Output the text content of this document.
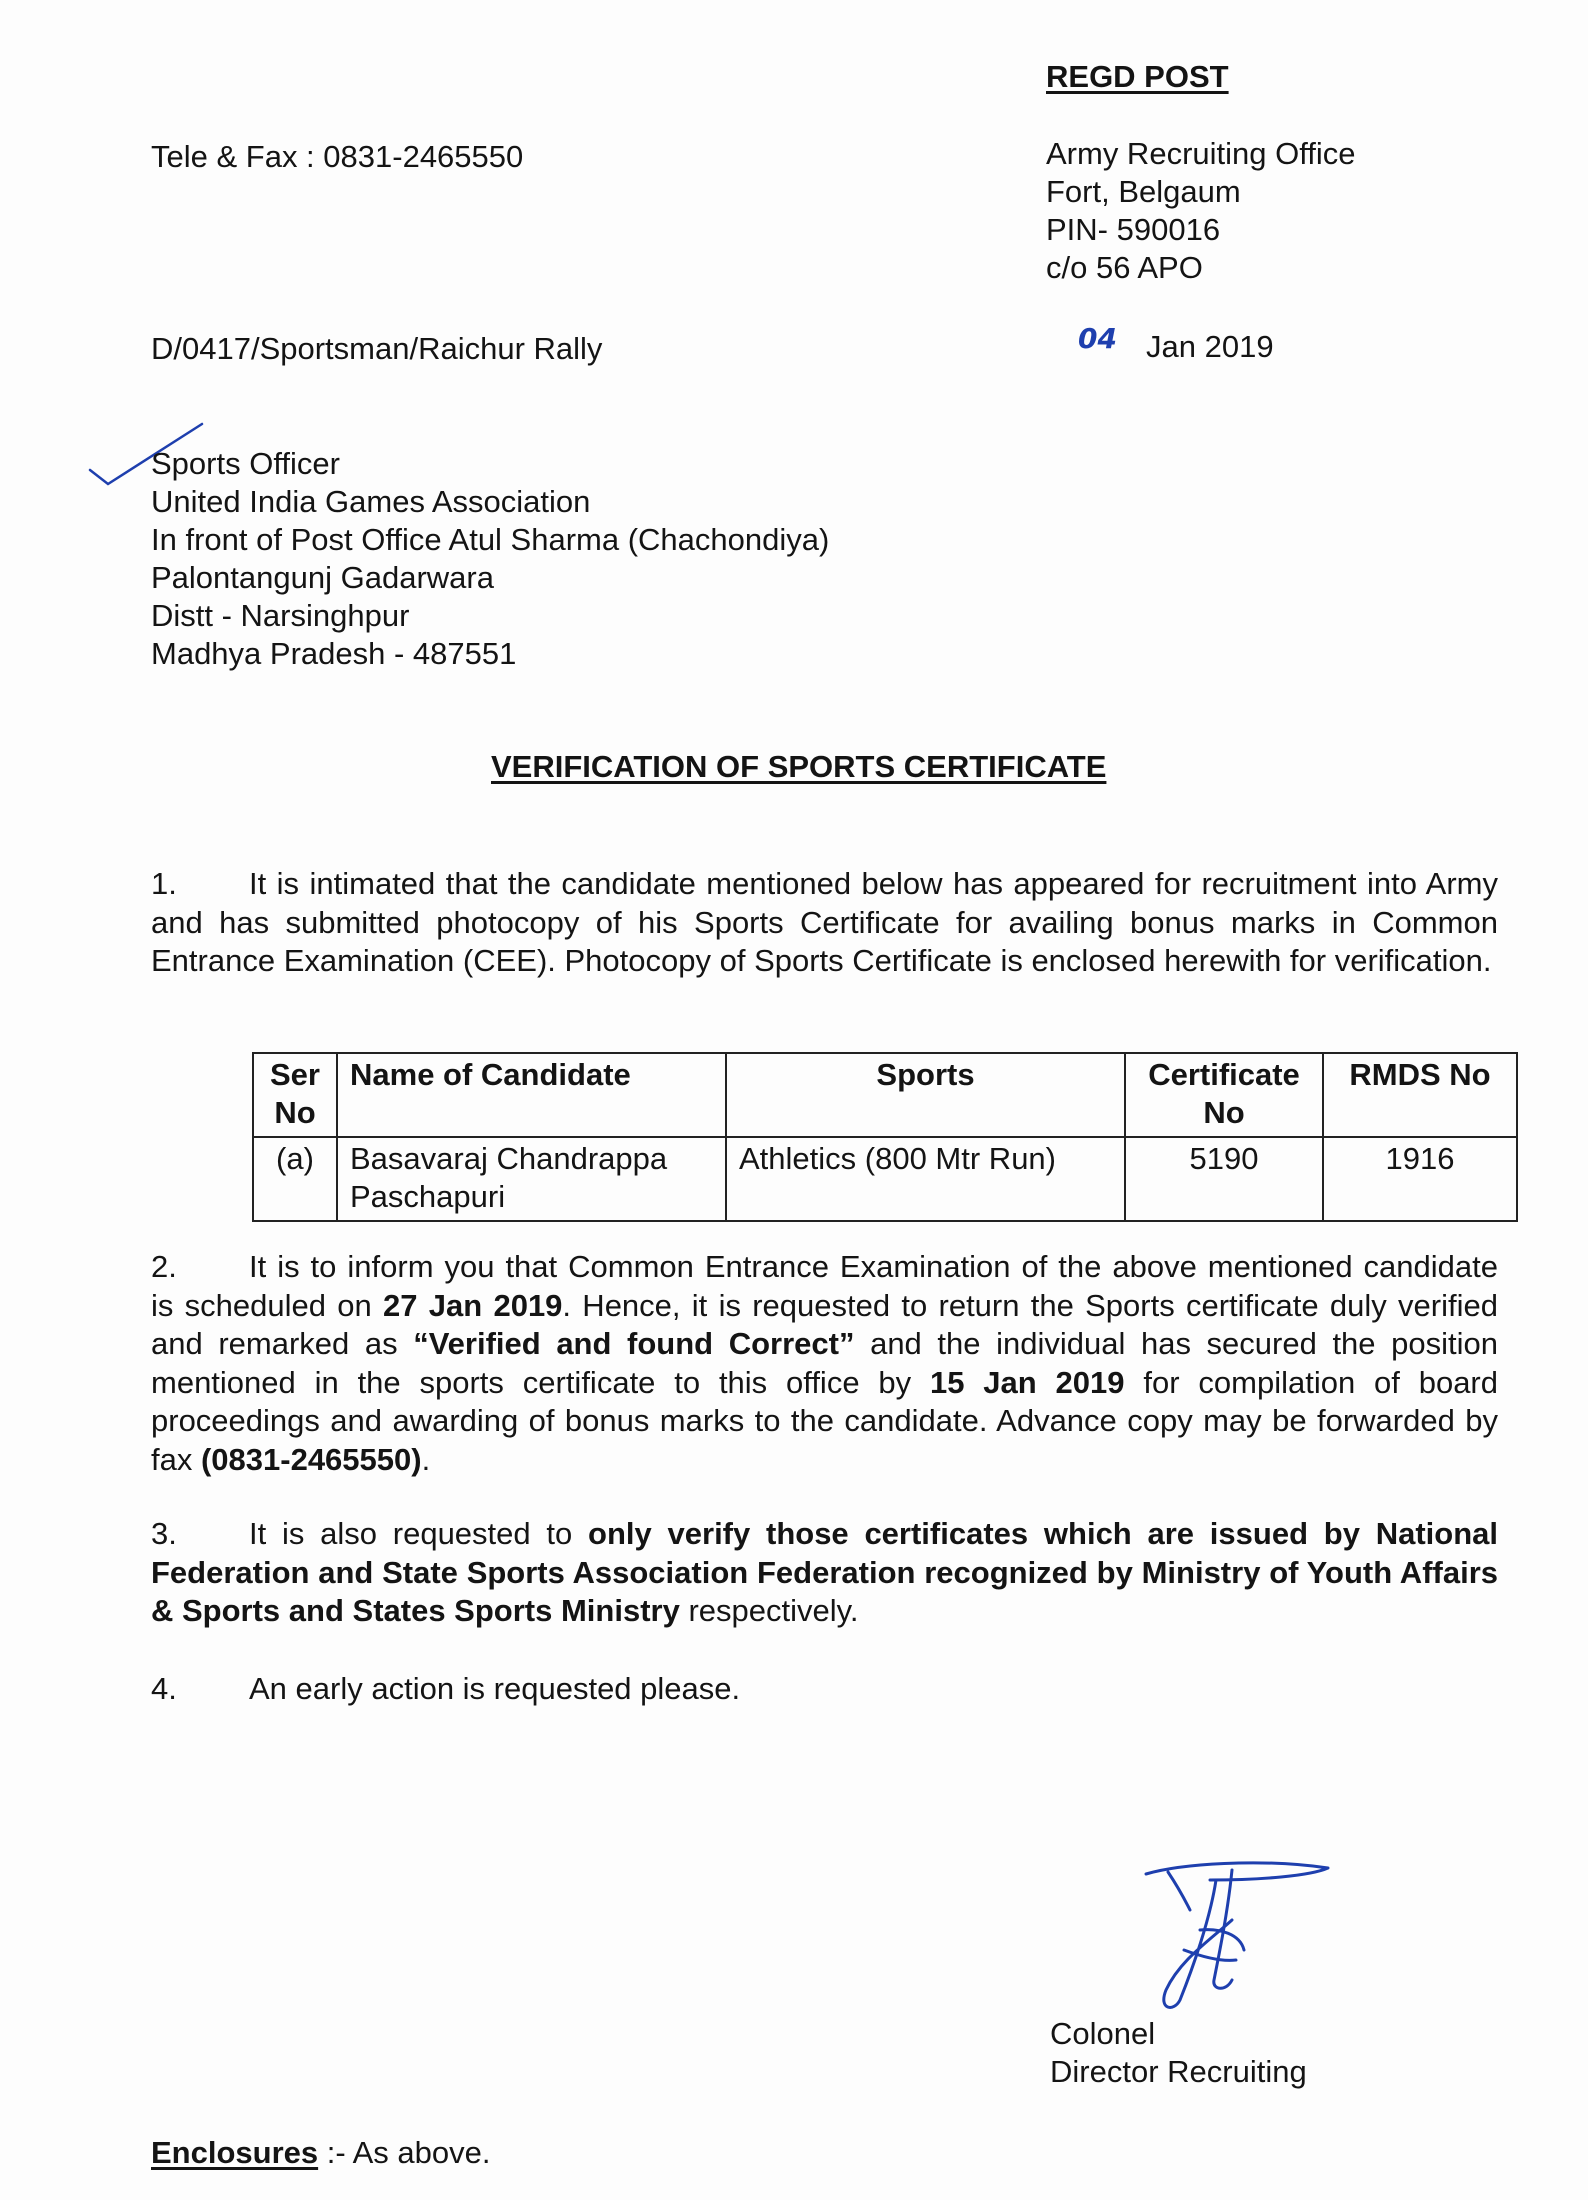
REGD POST
Tele & Fax : 0831-2465550	Army Recruiting Office
Fort, Belgaum
PIN- 590016
c/o 56 APO
D/0417/Sportsman/Raichur Rally	04 Jan 2019
Sports Officer
United India Games Association
In front of Post Office Atul Sharma (Chachondiya)
Palontangunj Gadarwara
Distt - Narsinghpur
Madhya Pradesh - 487551
VERIFICATION OF SPORTS CERTIFICATE
1. It is intimated that the candidate mentioned below has appeared for recruitment into Army and has submitted photocopy of his Sports Certificate for availing bonus marks in Common Entrance Examination (CEE). Photocopy of Sports Certificate is enclosed herewith for verification.
Ser No	Name of Candidate	Sports	Certificate No	RMDS No
(a)	Basavaraj Chandrappa Paschapuri	Athletics (800 Mtr Run)	5190	1916
2. It is to inform you that Common Entrance Examination of the above mentioned candidate is scheduled on 27 Jan 2019. Hence, it is requested to return the Sports certificate duly verified and remarked as “Verified and found Correct” and the individual has secured the position mentioned in the sports certificate to this office by 15 Jan 2019 for compilation of board proceedings and awarding of bonus marks to the candidate. Advance copy may be forwarded by fax (0831-2465550).
3. It is also requested to only verify those certificates which are issued by National Federation and State Sports Association Federation recognized by Ministry of Youth Affairs & Sports and States Sports Ministry respectively.
4. An early action is requested please.
Colonel
Director Recruiting
Enclosures :- As above.
